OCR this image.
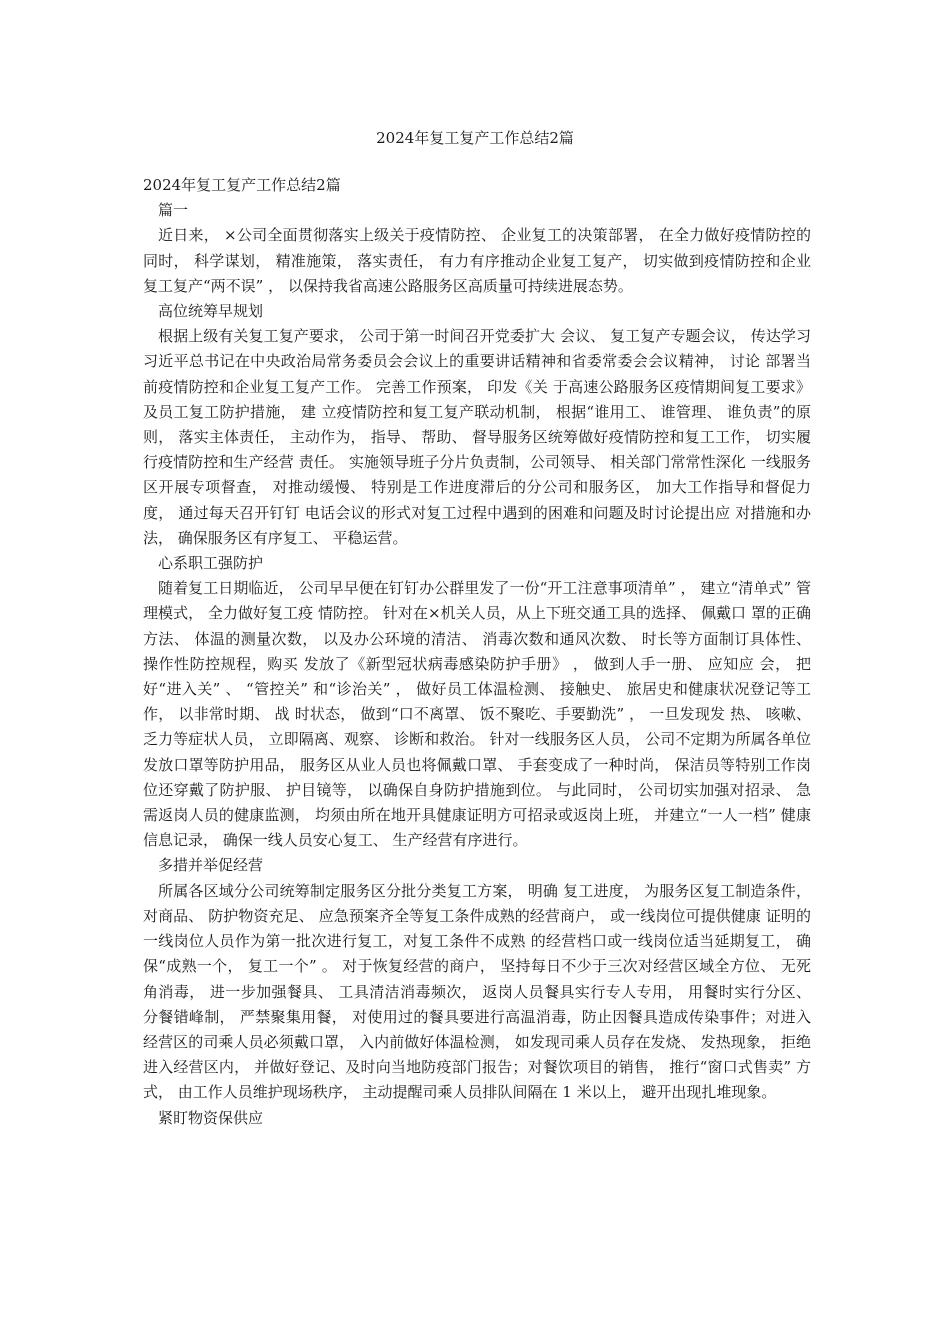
2024年复工复产工作总结2篇

2024年复工复产工作总结2篇

篇一

近日来， ×公司全面贯彻落实上级关于疫情防控、 企业复工的决策部署， 在全力做好疫情防控的同时， 科学谋划， 精准施策， 落实责任， 有力有序推动企业复工复产， 切实做到疫情防控和企业复工复产“两不误” ， 以保持我省高速公路服务区高质量可持续进展态势。

高位统筹早规划

根据上级有关复工复产要求， 公司于第一时间召开党委扩大 会议、 复工复产专题会议， 传达学习习近平总书记在中央政治局常务委员会会议上的重要讲话精神和省委常委会会议精神， 讨论 部署当前疫情防控和企业复工复产工作。 完善工作预案， 印发《关 于高速公路服务区疫情期间复工要求》 及员工复工防护措施， 建 立疫情防控和复工复产联动机制， 根据“谁用工、 谁管理、 谁负责”的原则， 落实主体责任， 主动作为， 指导、 帮助、 督导服务区统筹做好疫情防控和复工工作， 切实履行疫情防控和生产经营 责任。 实施领导班子分片负责制，公司领导、 相关部门常常性深化 一线服务区开展专项督查， 对推动缓慢、 特别是工作进度滞后的分公司和服务区， 加大工作指导和督促力度， 通过每天召开钉钉 电话会议的形式对复工过程中遇到的困难和问题及时讨论提出应 对措施和办法， 确保服务区有序复工、 平稳运营。

心系职工强防护

随着复工日期临近， 公司早早便在钉钉办公群里发了一份“开工注意事项清单” ， 建立“清单式” 管理模式， 全力做好复工疫 情防控。 针对在×机关人员，从上下班交通工具的选择、 佩戴口 罩的正确方法、 体温的测量次数， 以及办公环境的清洁、 消毒次数和通风次数、 时长等方面制订具体性、 操作性防控规程，购买 发放了《新型冠状病毒感染防护手册》 ， 做到人手一册、 应知应 会， 把好“进入关” 、 “管控关” 和“诊治关” ， 做好员工体温检测、 接触史、 旅居史和健康状况登记等工作， 以非常时期、 战 时状态， 做到“口不离罩、 饭不聚吃、手要勤洗” ， 一旦发现发 热、 咳嗽、 乏力等症状人员， 立即隔离、观察、 诊断和救治。 针对一线服务区人员， 公司不定期为所属各单位发放口罩等防护用品， 服务区从业人员也将佩戴口罩、 手套变成了一种时尚， 保洁员等特别工作岗位还穿戴了防护服、 护目镜等， 以确保自身防护措施到位。 与此同时， 公司切实加强对招录、 急需返岗人员的健康监测， 均须由所在地开具健康证明方可招录或返岗上班， 并建立“一人一档” 健康信息记录， 确保一线人员安心复工、 生产经营有序进行。

多措并举促经营

所属各区域分公司统筹制定服务区分批分类复工方案， 明确 复工进度， 为服务区复工制造条件， 对商品、 防护物资充足、 应急预案齐全等复工条件成熟的经营商户， 或一线岗位可提供健康 证明的一线岗位人员作为第一批次进行复工，对复工条件不成熟 的经营档口或一线岗位适当延期复工， 确保“成熟一个， 复工一个” 。 对于恢复经营的商户， 坚持每日不少于三次对经营区域全方位、 无死角消毒， 进一步加强餐具、 工具清洁消毒频次， 返岗人员餐具实行专人专用， 用餐时实行分区、 分餐错峰制， 严禁聚集用餐， 对使用过的餐具要进行高温消毒，防止因餐具造成传染事件；对进入经营区的司乘人员必须戴口罩， 入内前做好体温检测， 如发现司乘人员存在发烧、 发热现象， 拒绝进入经营区内， 并做好登记、及时向当地防疫部门报告；对餐饮项目的销售， 推行“窗口式售卖” 方式， 由工作人员维护现场秩序， 主动提醒司乘人员排队间隔在 1 米以上， 避开出现扎堆现象。

紧盯物资保供应
